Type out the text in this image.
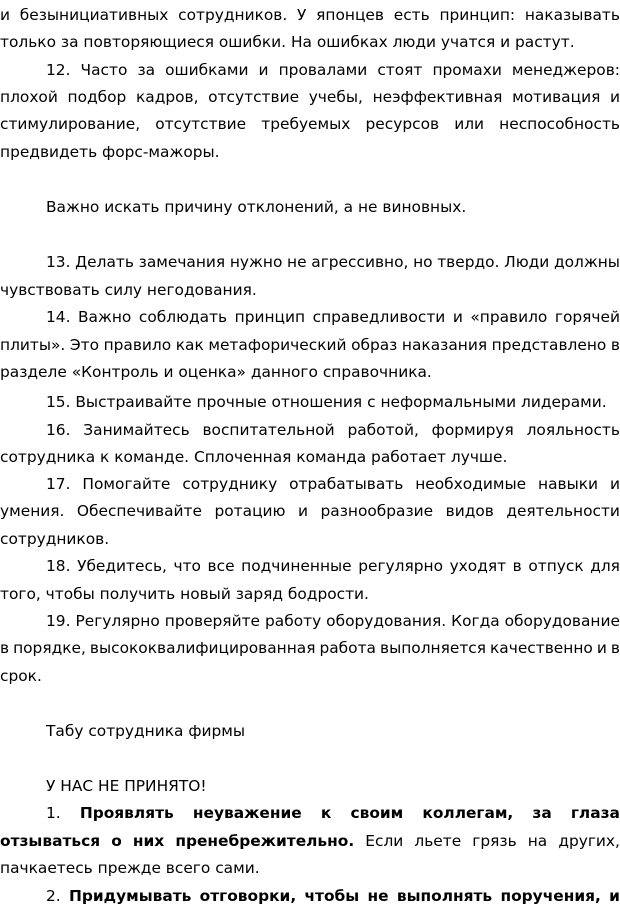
и безынициативных сотрудников. У японцев есть принцип: наказывать
только за повторяющиеся ошибки. На ошибках люди учатся и растут.
12. Часто за ошибками и провалами стоят промахи менеджеров:
плохой подбор кадров, отсутствие учебы, неэффективная мотивация и
стимулирование, отсутствие требуемых ресурсов или неспособность
предвидеть форс-мажоры.
Важно искать причину отклонений, а не виновных.
13. Делать замечания нужно не агрессивно, но твердо. Люди должны
чувствовать силу негодования.
14. Важно соблюдать принцип справедливости и «правило горячей
плиты». Это правило как метафорический образ наказания представлено в
разделе «Контроль и оценка» данного справочника.
15. Выстраивайте прочные отношения с неформальными лидерами.
16. Занимайтесь воспитательной работой, формируя лояльность
сотрудника к команде. Сплоченная команда работает лучше.
17. Помогайте сотруднику отрабатывать необходимые навыки и
умения. Обеспечивайте ротацию и разнообразие видов деятельности
сотрудников.
18. Убедитесь, что все подчиненные регулярно уходят в отпуск для
того, чтобы получить новый заряд бодрости.
19. Регулярно проверяйте работу оборудования. Когда оборудование
в порядке, высококвалифицированная работа выполняется качественно и в
срок.
Табу сотрудника фирмы
У НАС НЕ ПРИНЯТО!
1. Проявлять неуважение к своим коллегам, за глаза
отзываться о них пренебрежительно. Если льете грязь на других,
пачкаетесь прежде всего сами.
2. Придумывать отговорки, чтобы не выполнять поручения, и
